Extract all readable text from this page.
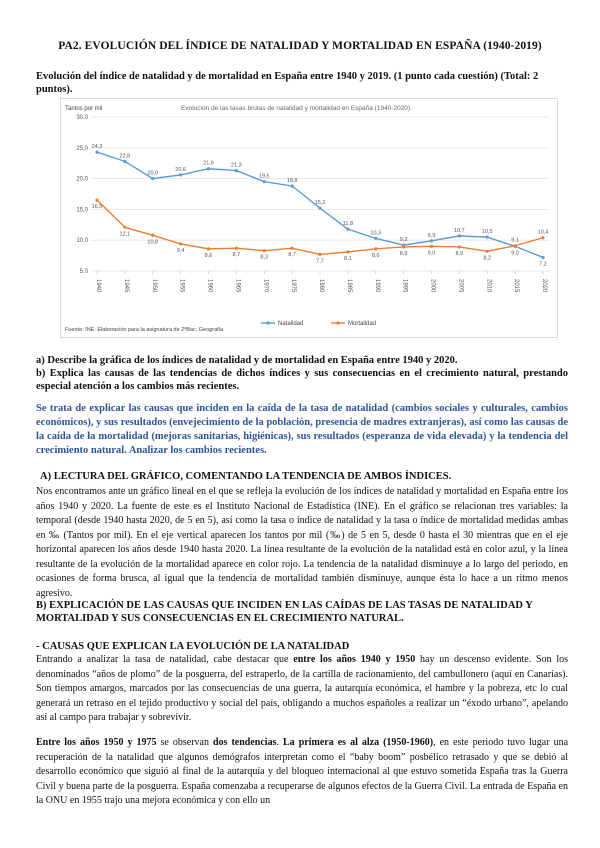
PA2. EVOLUCIÓN DEL ÍNDICE DE NATALIDAD Y MORTALIDAD EN ESPAÑA (1940-2019)
Evolución del índice de natalidad y de mortalidad en España entre 1940 y 2019. (1 punto cada cuestión) (Total: 2 puntos).
Evolución de las tasas brutas de natalidad y mortalidad en España (1940-2020)
Tantos por mil
30,0
25,0
20,0
15,0
10,0
5,0
24,3
22,8
20,0
20,6
21,6	21,3
19,5
18,8
15,2
11,8
10,3
9,2
9,9
10,7	10,5
9,0
7,2
16,5
12,1
10,8
9,4
8,6	8,7	8,3	8,7
7,7	8,1
8,6	8,9	9,0	8,9
8,2
9,1
10,4
1940	1945	1950	1955	1960	1965	1970	1975	1980	1985	1990	1995	2000	2005	2010	2015	2020
Natalidad	Mortalidad
Fuente: INE. Elaboración para la asignatura de 2ºBac. Geografía
a) Describe la gráfica de los índices de natalidad y de mortalidad en España entre 1940 y 2020.
b) Explica las causas de las tendencias de dichos índices y sus consecuencias en el crecimiento natural, prestando especial atención a los cambios más recientes.
Se trata de explicar las causas que inciden en la caída de la tasa de natalidad (cambios sociales y culturales, cambios económicos), y sus resultados (envejecimiento de la población, presencia de madres extranjeras), así como las causas de la caída de la mortalidad (mejoras sanitarias, higiénicas), sus resultados (esperanza de vida elevada) y la tendencia del crecimiento natural. Analizar los cambios recientes.
A) LECTURA DEL GRÁFICO, COMENTANDO LA TENDENCIA DE AMBOS ÍNDICES.
Nos encontramos ante un gráfico lineal en el que se refleja la evolución de los índices de natalidad y mortalidad en España entre los años 1940 y 2020. La fuente de este es el Instituto Nacional de Estadística (INE). En el gráfico se relacionan tres variables: la temporal (desde 1940 hasta 2020, de 5 en 5), así como la tasa o índice de natalidad y la tasa o índice de mortalidad medidas ambas en ‰ (Tantos por mil). En el eje vertical aparecen los tantos por mil (‰) de 5 en 5, desde 0 hasta el 30 mientras que en el eje horizontal aparecen los años desde 1940 hasta 2020. La línea resultante de la evolución de la natalidad está en color azul, y la línea resultante de la evolución de la mortalidad aparece en color rojo. La tendencia de la natalidad disminuye a lo largo del periodo, en ocasiones de forma brusca, al igual que la tendencia de mortalidad también disminuye, aunque ésta lo hace a un ritmo menos agresivo.
B) EXPLICACIÓN DE LAS CAUSAS QUE INCIDEN EN LAS CAÍDAS DE LAS TASAS DE NATALIDAD Y MORTALIDAD Y SUS CONSECUENCIAS EN EL CRECIMIENTO NATURAL.
- CAUSAS QUE EXPLICAN LA EVOLUCIÓN DE LA NATALIDAD
Entrando a analizar la tasa de natalidad, cabe destacar que entre los años 1940 y 1950 hay un descenso evidente. Son los denominados “años de plomo” de la posguerra, del estraperlo, de la cartilla de racionamiento, del cambullonero (aquí en Canarias). Son tiempos amargos, marcados por las consecuencias de una guerra, la autarquía económica, el hambre y la pobreza, etc lo cual generará un retraso en el tejido productivo y social del país, obligando a muchos españoles a realizar un “éxodo urbano”, apelando así al campo para trabajar y sobrevivir.
Entre los años 1950 y 1975 se observan dos tendencias. La primera es al alza (1950-1960), en este periodo tuvo lugar una recuperación de la natalidad que algunos demógrafos interpretan como el “baby boom” posbélico retrasado y que se debió al desarrollo económico que siguió al final de la autarquía y del bloqueo internacional al que estuvo sometida España tras la Guerra Civil y buena parte de la posguerra. España comenzaba a recuperarse de algunos efectos de la Guerra Civil. La entrada de España en la ONU en 1955 trajo una mejora económica y con ello un
